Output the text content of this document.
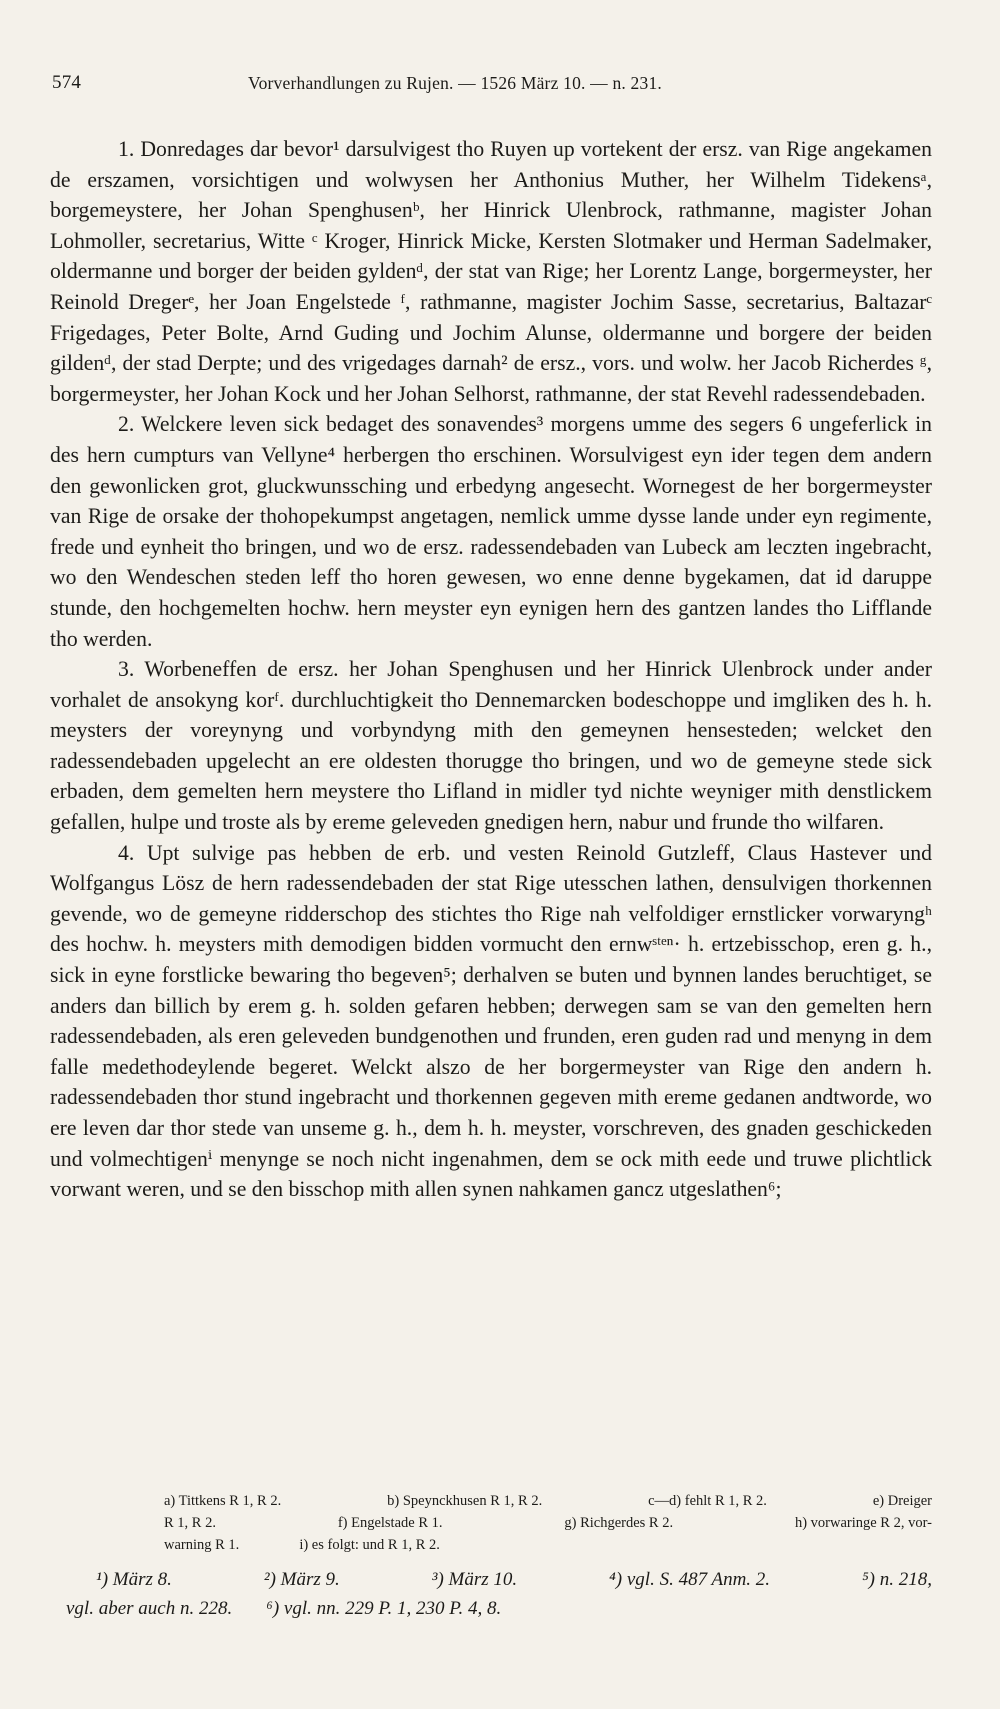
574	Vorverhandlungen zu Rujen. — 1526 März 10. — n. 231.

1. Donredages dar bevor¹ darsulvigest tho Ruyen up vortekent der ersz. van Rige angekamen de erszamen, vorsichtigen und wolwysen her Anthonius Muther, her Wilhelm Tidekensᵃ, borgemeystere, her Johan Spenghusenᵇ, her Hinrick Ulenbrock, rathmanne, magister Johan Lohmoller, secretarius, Witte ᶜ Kroger, Hinrick Micke, Kersten Slotmaker und Herman Sadelmaker, oldermanne und borger der beiden gyldenᵈ, der stat van Rige; her Lorentz Lange, borgermeyster, her Reinold Dregerᵉ, her Joan Engelstede ᶠ, rathmanne, magister Jochim Sasse, secretarius, Baltazarᶜ Frigedages, Peter Bolte, Arnd Guding und Jochim Alunse, oldermanne und borgere der beiden gildenᵈ, der stad Derpte; und des vrigedages darnah² de ersz., vors. und wolw. her Jacob Richerdes ᵍ, borgermeyster, her Johan Kock und her Johan Selhorst, rathmanne, der stat Revehl radessendebaden.

2. Welckere leven sick bedaget des sonavendes³ morgens umme des segers 6 ungeferlick in des hern cumpturs van Vellyne⁴ herbergen tho erschinen. Worsulvigest eyn ider tegen dem andern den gewonlicken grot, gluckwunssching und erbedyng angesecht. Wornegest de her borgermeyster van Rige de orsake der thohopekumpst angetagen, nemlick umme dysse lande under eyn regimente, frede und eynheit tho bringen, und wo de ersz. radessendebaden van Lubeck am leczten ingebracht, wo den Wendeschen steden leff tho horen gewesen, wo enne denne bygekamen, dat id daruppe stunde, den hochgemelten hochw. hern meyster eyn eynigen hern des gantzen landes tho Lifflande tho werden.

3. Worbeneffen de ersz. her Johan Spenghusen und her Hinrick Ulenbrock under ander vorhalet de ansokyng korᶠ. durchluchtigkeit tho Dennemarcken bodeschoppe und imgliken des h. h. meysters der voreynyng und vorbyndyng mith den gemeynen hensesteden; welcket den radessendebaden upgelecht an ere oldesten thorugge tho bringen, und wo de gemeyne stede sick erbaden, dem gemelten hern meystere tho Lifland in midler tyd nichte weyniger mith denstlickem gefallen, hulpe und troste als by ereme geleveden gnedigen hern, nabur und frunde tho wilfaren.

4. Upt sulvige pas hebben de erb. und vesten Reinold Gutzleff, Claus Hastever und Wolfgangus Lösz de hern radessendebaden der stat Rige utesschen lathen, densulvigen thorkennen gevende, wo de gemeyne ridderschop des stichtes tho Rige nah velfoldiger ernstlicker vorwaryngʰ des hochw. h. meysters mith demodigen bidden vormucht den ernwˢᵗᵉⁿ· h. ertzebisschop, eren g. h., sick in eyne forstlicke bewaring tho begeven⁵; derhalven se buten und bynnen landes beruchtiget, se anders dan billich by erem g. h. solden gefaren hebben; derwegen sam se van den gemelten hern radessendebaden, als eren geleveden bundgenothen und frunden, eren guden rad und menyng in dem falle medethodeylende begeret. Welckt alszo de her borgermeyster van Rige den andern h. radessendebaden thor stund ingebracht und thorkennen gegeven mith ereme gedanen andtworde, wo ere leven dar thor stede van unseme g. h., dem h. h. meyster, vorschreven, des gnaden geschickeden und volmechtigenⁱ menynge se noch nicht ingenahmen, dem se ock mith eede und truwe plichtlick vorwant weren, und se den bisschop mith allen synen nahkamen gancz utgeslathen⁶;

a) Tittkens R 1, R 2.	b) Speynckhusen R 1, R 2.	c—d) fehlt R 1, R 2.	e) Dreiger
R 1, R 2.	f) Engelstade R 1.	g) Richgerdes R 2.	h) vorwaringe R 2, vor-
warning R 1.	i) es folgt: und R 1, R 2.
¹) März 8.	²) März 9.	³) März 10.	⁴) vgl. S. 487 Anm. 2.	⁵) n. 218,
vgl. aber auch n. 228. ⁶) vgl. nn. 229 P. 1, 230 P. 4, 8.
